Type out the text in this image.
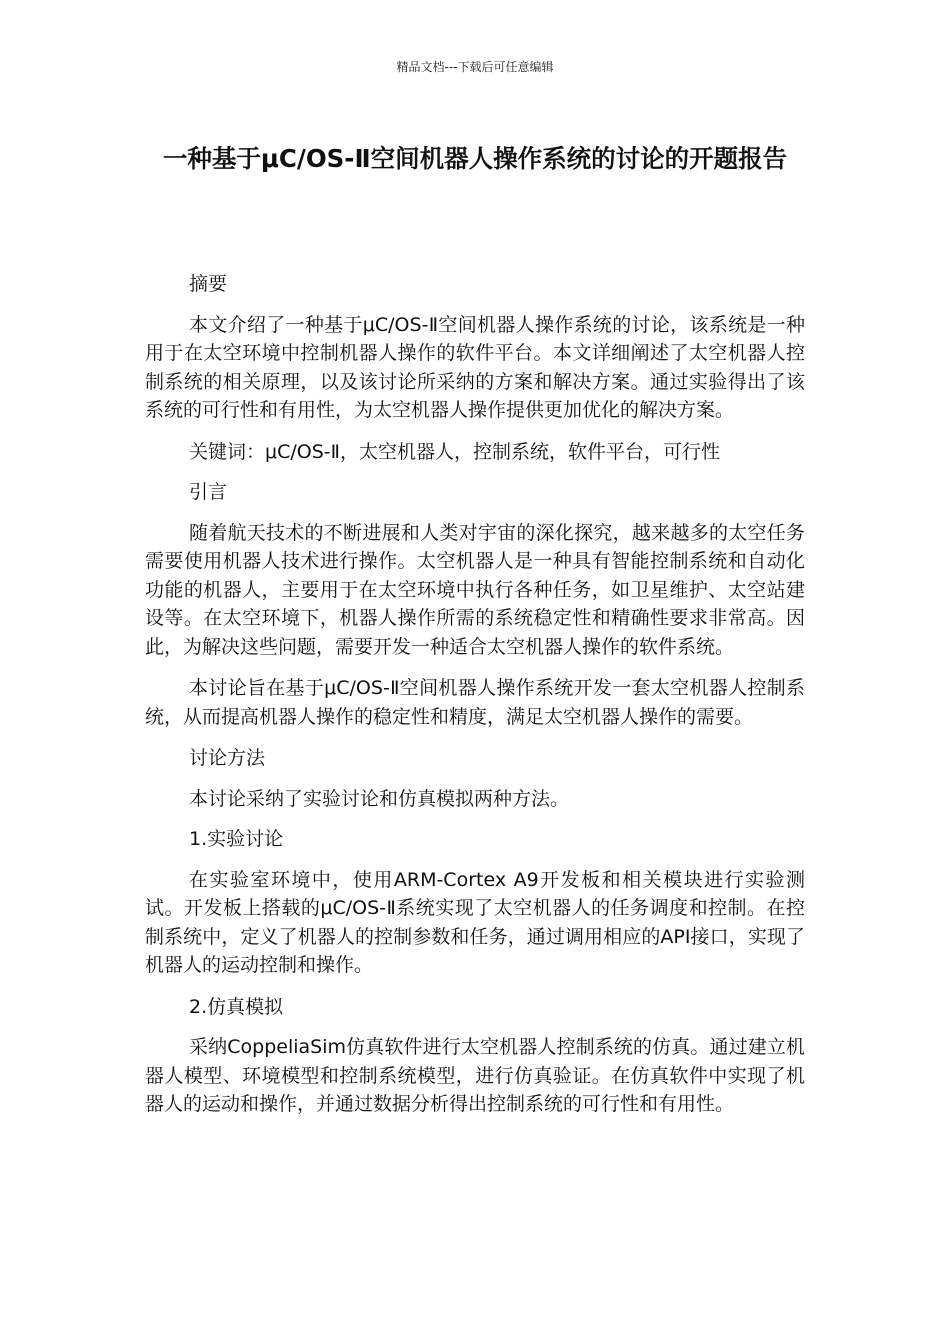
精品文档---下载后可任意编辑
一种基于μC/OS-Ⅱ空间机器人操作系统的讨论的开题报告

摘要

本文介绍了一种基于μC/OS-Ⅱ空间机器人操作系统的讨论，该系统是一种用于在太空环境中控制机器人操作的软件平台。本文详细阐述了太空机器人控制系统的相关原理，以及该讨论所采纳的方案和解决方案。通过实验得出了该系统的可行性和有用性，为太空机器人操作提供更加优化的解决方案。

关键词：μC/OS-Ⅱ，太空机器人，控制系统，软件平台，可行性

引言

随着航天技术的不断进展和人类对宇宙的深化探究，越来越多的太空任务需要使用机器人技术进行操作。太空机器人是一种具有智能控制系统和自动化功能的机器人，主要用于在太空环境中执行各种任务，如卫星维护、太空站建设等。在太空环境下，机器人操作所需的系统稳定性和精确性要求非常高。因此，为解决这些问题，需要开发一种适合太空机器人操作的软件系统。

本讨论旨在基于μC/OS-Ⅱ空间机器人操作系统开发一套太空机器人控制系统，从而提高机器人操作的稳定性和精度，满足太空机器人操作的需要。

讨论方法

本讨论采纳了实验讨论和仿真模拟两种方法。

1.实验讨论

在实验室环境中，使用ARM-Cortex A9开发板和相关模块进行实验测试。开发板上搭载的μC/OS-Ⅱ系统实现了太空机器人的任务调度和控制。在控制系统中，定义了机器人的控制参数和任务，通过调用相应的API接口，实现了机器人的运动控制和操作。

2.仿真模拟

采纳CoppeliaSim仿真软件进行太空机器人控制系统的仿真。通过建立机器人模型、环境模型和控制系统模型，进行仿真验证。在仿真软件中实现了机器人的运动和操作，并通过数据分析得出控制系统的可行性和有用性。
